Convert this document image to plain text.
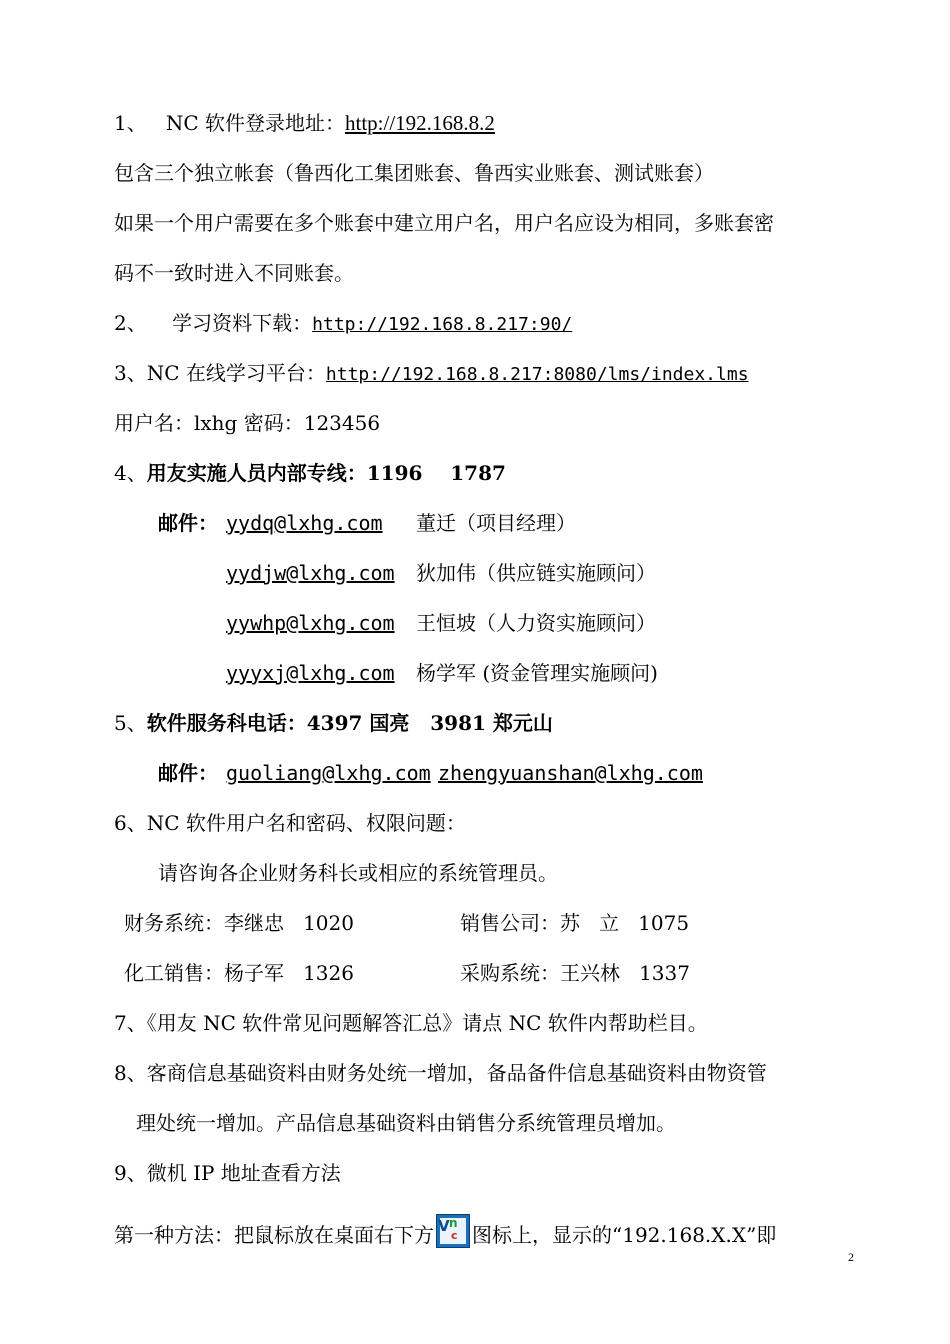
1、 NC 软件登录地址：http://192.168.8.2
包含三个独立帐套（鲁西化工集团账套、鲁西实业账套、测试账套）
如果一个用户需要在多个账套中建立用户名，用户名应设为相同，多账套密
码不一致时进入不同账套。
2、    学习资料下载：http://192.168.8.217:90/
3、NC 在线学习平台：http://192.168.8.217:8080/lms/index.lms
用户名：lxhg 密码：123456
4、用友实施人员内部专线：1196    1787
邮件： yydq@lxhg.com 董迁（项目经理）
yydjw@lxhg.com 狄加伟（供应链实施顾问）
yywhp@lxhg.com 王恒坡（人力资实施顾问）
yyyxj@lxhg.com 杨学军 (资金管理实施顾问)
5、软件服务科电话：4397 国亮   3981 郑元山
邮件： guoliang@lxhg.com zhengyuanshan@lxhg.com
6、NC 软件用户名和密码、权限问题：
请咨询各企业财务科长或相应的系统管理员。
财务系统：李继忠   1020	销售公司：苏   立   1075
化工销售：杨子军   1326	采购系统：王兴林   1337
7、《用友 NC 软件常见问题解答汇总》请点 NC 软件内帮助栏目。
8、客商信息基础资料由财务处统一增加，备品备件信息基础资料由物资管
理处统一增加。产品信息基础资料由销售分系统管理员增加。
9、微机 IP 地址查看方法
第一种方法：把鼠标放在桌面右下方 V n
c 图标上，显示的“192.168.X.X”即
2
